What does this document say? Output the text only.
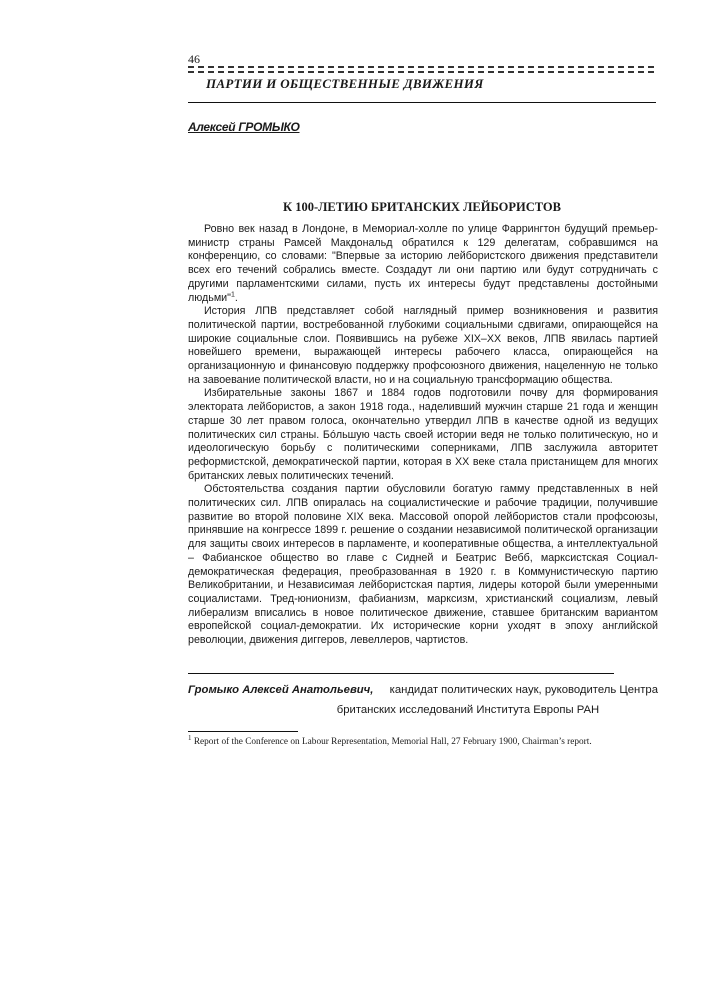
46
ПАРТИИ И ОБЩЕСТВЕННЫЕ ДВИЖЕНИЯ
Алексей ГРОМЫКО
К 100-ЛЕТИЮ БРИТАНСКИХ ЛЕЙБОРИСТОВ

Ровно век назад в Лондоне, в Мемориал-холле по улице Фаррингтон будущий премьер-министр страны Рамсей Макдональд обратился к 129 делегатам, собравшимся на конференцию, со словами: "Впервые за историю лейбористского движения представители всех его течений собрались вместе. Создадут ли они партию или будут сотрудничать с другими парламентскими силами, пусть их интересы будут представлены достойными людьми"$^1$.

История ЛПВ представляет собой наглядный пример возникновения и развития политической партии, востребованной глубокими социальными сдвигами, опирающейся на широкие социальные слои. Появившись на рубеже XIX–XX веков, ЛПВ явилась партией новейшего времени, выражающей интересы рабочего класса, опирающейся на организационную и финансовую поддержку профсоюзного движения, нацеленную не только на завоевание политической власти, но и на социальную трансформацию общества.

Избирательные законы 1867 и 1884 годов подготовили почву для формирования электората лейбористов, а закон 1918 года., наделивший мужчин старше 21 года и женщин старше 30 лет правом голоса, окончательно утвердил ЛПВ в качестве одной из ведущих политических сил страны. Бóльшую часть своей истории ведя не только политическую, но и идеологическую борьбу с политическими соперниками, ЛПВ заслужила авторитет реформистской, демократической партии, которая в XX веке стала пристанищем для многих британских левых политических течений.

Обстоятельства создания партии обусловили богатую гамму представленных в ней политических сил. ЛПВ опиралась на социалистические и рабочие традиции, получившие развитие во второй половине XIX века. Массовой опорой лейбористов стали профсоюзы, принявшие на конгрессе 1899 г. решение о создании независимой политической организации для защиты своих интересов в парламенте, и кооперативные общества, а интеллектуальной – Фабианское общество во главе с Сидней и Беатрис Вебб, марксистская Социал-демократическая федерация, преобразованная в 1920 г. в Коммунистическую партию Великобритании, и Независимая лейбористская партия, лидеры которой были умеренными социалистами. Тред-юнионизм, фабианизм, марксизм, христианский социализм, левый либерализм вписались в новое политическое движение, ставшее британским вариантом европейской социал-демократии. Их исторические корни уходят в эпоху английской революции, движения диггеров, левеллеров, чартистов.

Громыко Алексей Анатольевич, кандидат политических наук, руководитель Центра
британских исследований Института Европы РАН
$^1$ Report of the Conference on Labour Representation, Memorial Hall, 27 February 1900, Chairman’s report.
